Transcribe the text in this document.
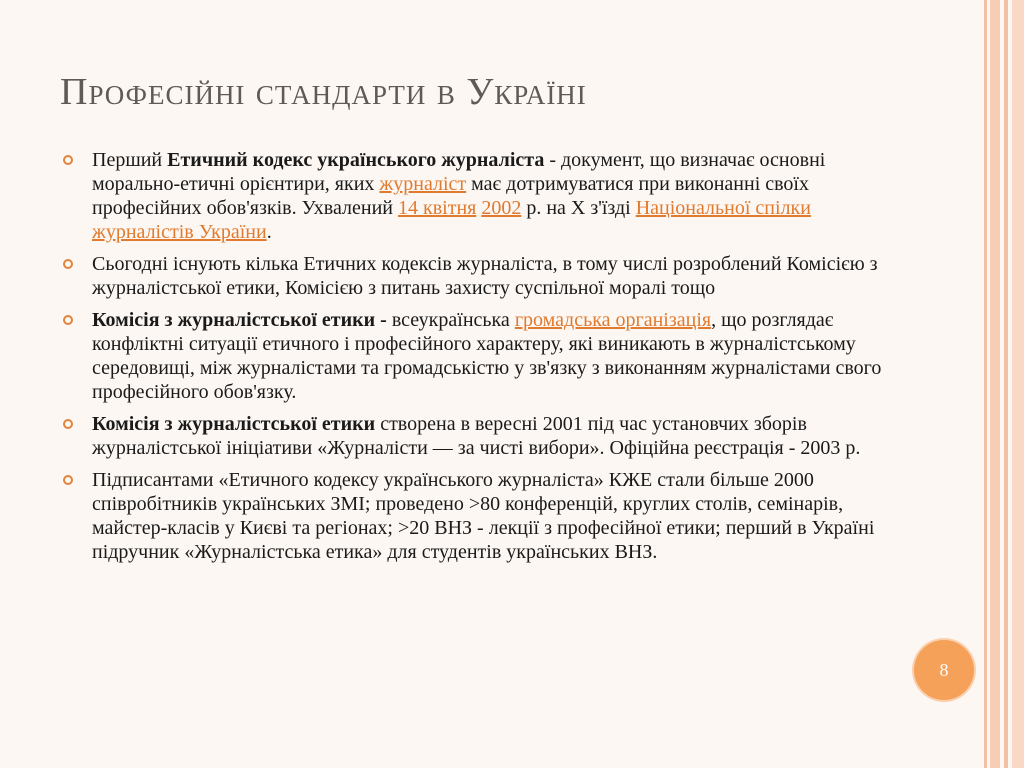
Професійні стандарти в Україні
Перший Етичний кодекс українського журналіста - документ, що визначає основні морально-етичні орієнтири, яких журналіст має дотримуватися при виконанні своїх професійних обов'язків. Ухвалений 14 квітня 2002 р. на Х з'їзді Національної спілки журналістів України.
Сьогодні існують кілька Етичних кодексів журналіста, в тому числі розроблений Комісією з журналістської етики, Комісією з питань захисту суспільної моралі тощо
Комісія з журналістської етики - всеукраїнська громадська організація, що розглядає конфліктні ситуації етичного і професійного характеру, які виникають в журналістському середовищі, між журналістами та громадськістю у зв'язку з виконанням журналістами свого професійного обов'язку.
Комісія з журналістської етики створена в вересні 2001 під час установчих зборів журналістської ініціативи «Журналісти — за чисті вибори». Офіційна реєстрація - 2003 р.
Підписантами «Етичного кодексу українського журналіста» КЖЕ стали більше 2000 співробітників українських ЗМІ; проведено >80 конференцій, круглих столів, семінарів, майстер-класів у Києві та регіонах; >20 ВНЗ - лекції з професійної етики; перший в Україні підручник «Журналістська етика» для студентів українських ВНЗ.
8
